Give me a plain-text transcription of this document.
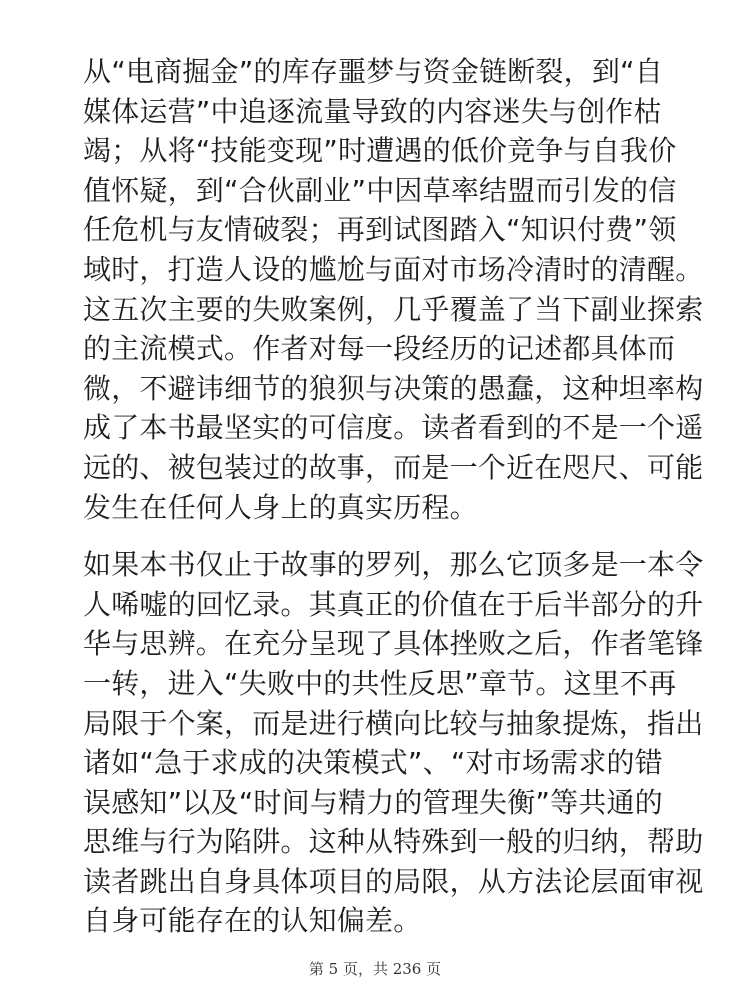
从“电商掘金”的库存噩梦与资金链断裂，到“自
媒体运营”中追逐流量导致的内容迷失与创作枯
竭；从将“技能变现”时遭遇的低价竞争与自我价
值怀疑，到“合伙副业”中因草率结盟而引发的信
任危机与友情破裂；再到试图踏入“知识付费”领
域时，打造人设的尴尬与面对市场冷清时的清醒。
这五次主要的失败案例，几乎覆盖了当下副业探索
的主流模式。作者对每一段经历的记述都具体而
微，不避讳细节的狼狈与决策的愚蠢，这种坦率构
成了本书最坚实的可信度。读者看到的不是一个遥
远的、被包装过的故事，而是一个近在咫尺、可能
发生在任何人身上的真实历程。
如果本书仅止于故事的罗列，那么它顶多是一本令
人唏嘘的回忆录。其真正的价值在于后半部分的升
华与思辨。在充分呈现了具体挫败之后，作者笔锋
一转，进入“失败中的共性反思”章节。这里不再
局限于个案，而是进行横向比较与抽象提炼，指出
诸如“急于求成的决策模式”、“对市场需求的错
误感知”以及“时间与精力的管理失衡”等共通的
思维与行为陷阱。这种从特殊到一般的归纳，帮助
读者跳出自身具体项目的局限，从方法论层面审视
自身可能存在的认知偏差。
第 5 页，共 236 页
